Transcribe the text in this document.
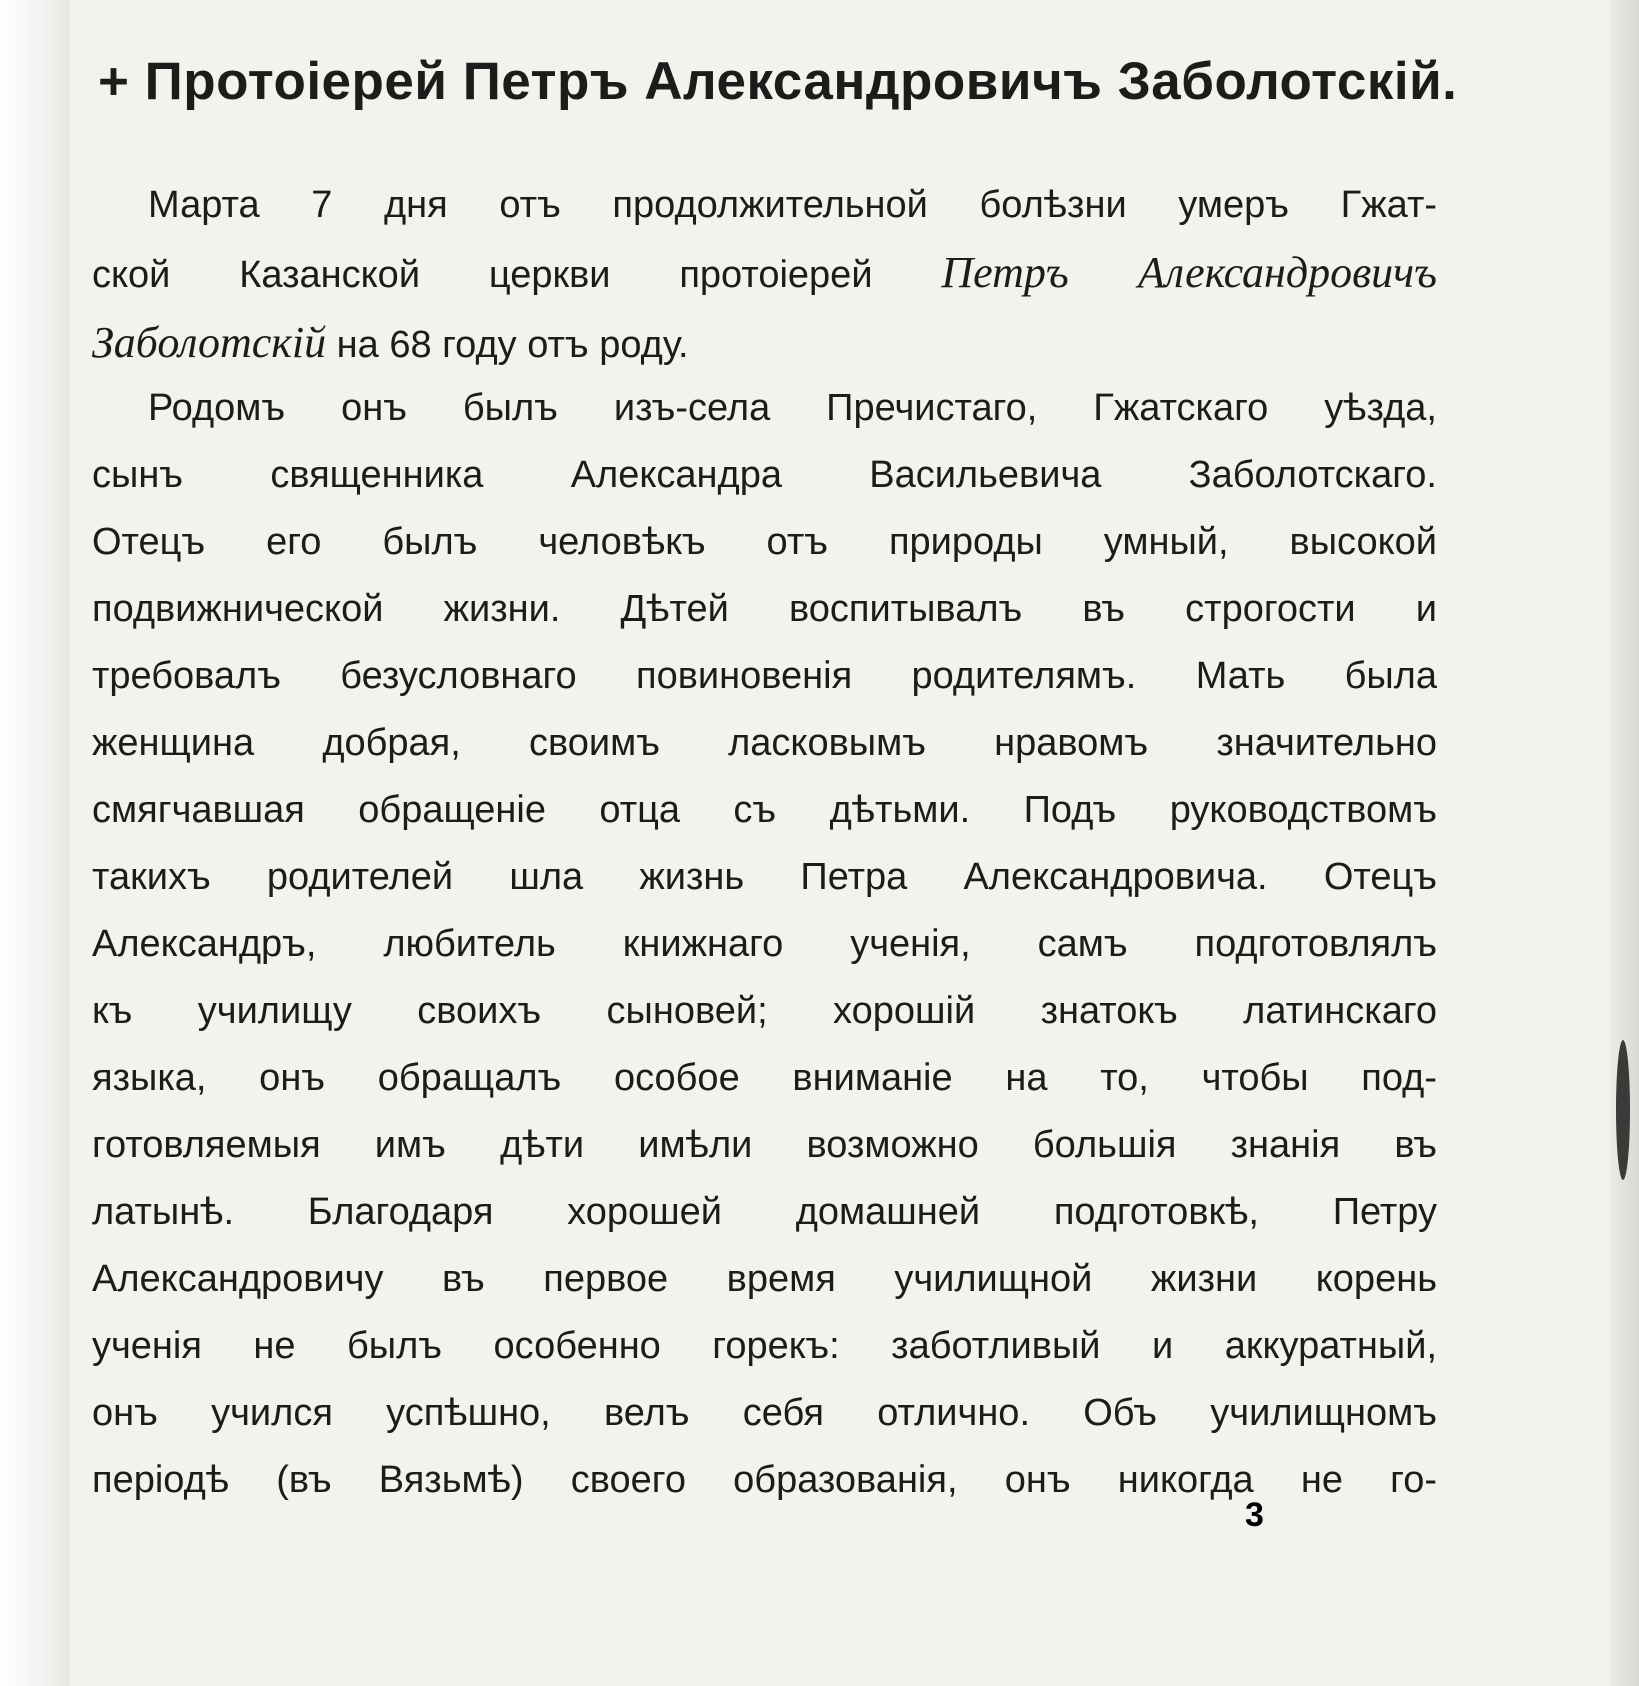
+ Протоіерей Петръ Александровичъ Заболотскій.
Марта 7 дня отъ продолжительной болѣзни умеръ Гжат-
ской Казанской церкви протоіерей Петръ Александровичъ
Заболотскій на 68 году отъ роду.
Родомъ онъ былъ изъ-села Пречистаго, Гжатскаго уѣзда,
сынъ священника Александра Васильевича Заболотскаго.
Отецъ его былъ человѣкъ отъ природы умный, высокой
подвижнической жизни. Дѣтей воспитывалъ въ строгости и
требовалъ безусловнаго повиновенія родителямъ. Мать была
женщина добрая, своимъ ласковымъ нравомъ значительно
смягчавшая обращеніе отца съ дѣтьми. Подъ руководствомъ
такихъ родителей шла жизнь Петра Александровича. Отецъ
Александръ, любитель книжнаго ученія, самъ подготовлялъ
къ училищу своихъ сыновей; хорошій знатокъ латинскаго
языка, онъ обращалъ особое вниманіе на то, чтобы под-
готовляемыя имъ дѣти имѣли возможно большія знанія въ
латынѣ. Благодаря хорошей домашней подготовкѣ, Петру
Александровичу въ первое время училищной жизни корень
ученія не былъ особенно горекъ: заботливый и аккуратный,
онъ учился успѣшно, велъ себя отлично. Объ училищномъ
періодѣ (въ Вязьмѣ) своего образованія, онъ никогда не го-
3
